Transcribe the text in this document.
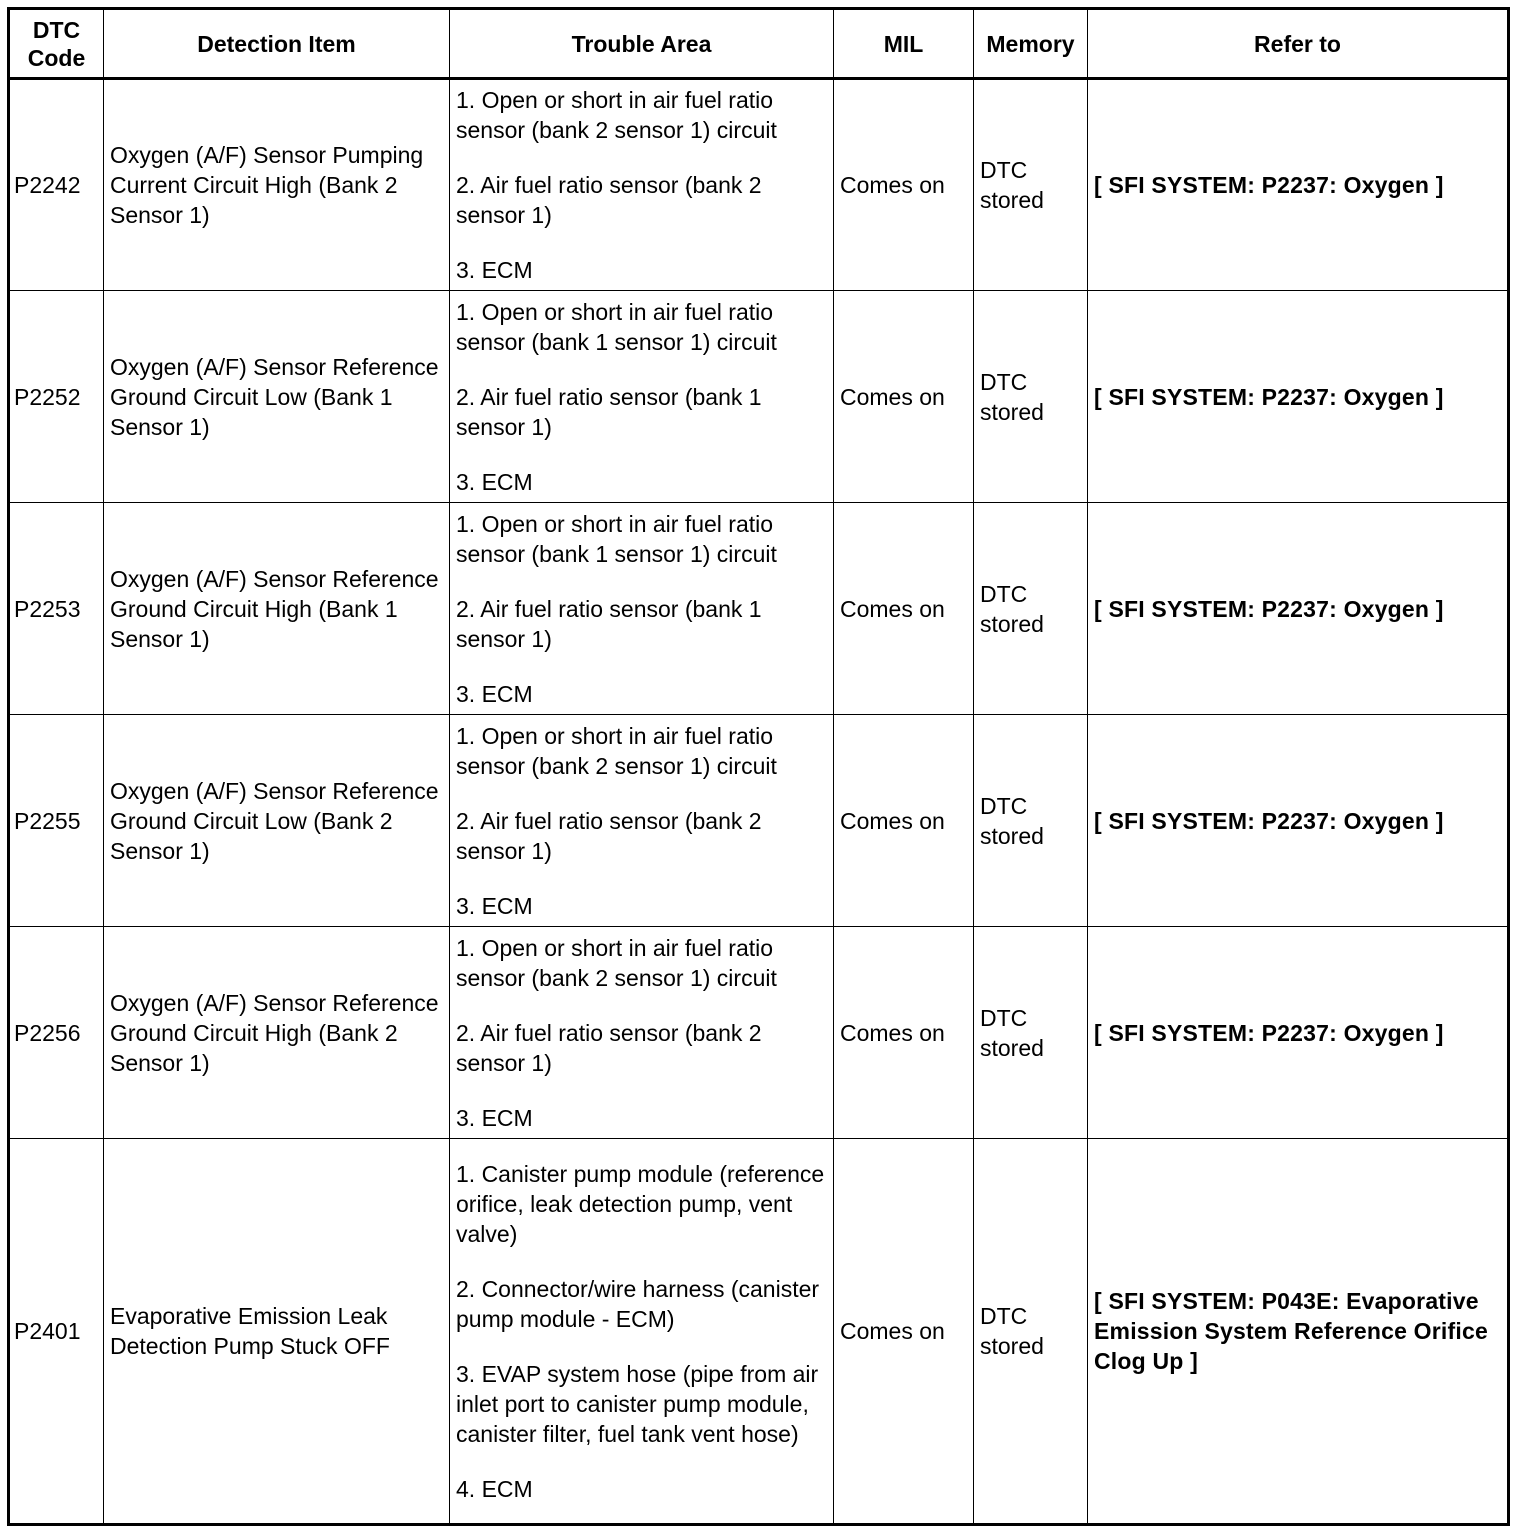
DTC
Code	Detection Item	Trouble Area	MIL	Memory	Refer to
P2242	Oxygen (A/F) Sensor Pumping Current Circuit High (Bank 2 Sensor 1)	1. Open or short in air fuel ratio sensor (bank 2 sensor 1) circuit
2. Air fuel ratio sensor (bank 2 sensor 1)
3. ECM	Comes on	DTC stored	[ SFI SYSTEM: P2237: Oxygen ]
P2252	Oxygen (A/F) Sensor Reference Ground Circuit Low (Bank 1 Sensor 1)	1. Open or short in air fuel ratio sensor (bank 1 sensor 1) circuit
2. Air fuel ratio sensor (bank 1 sensor 1)
3. ECM	Comes on	DTC stored	[ SFI SYSTEM: P2237: Oxygen ]
P2253	Oxygen (A/F) Sensor Reference Ground Circuit High (Bank 1 Sensor 1)	1. Open or short in air fuel ratio sensor (bank 1 sensor 1) circuit
2. Air fuel ratio sensor (bank 1 sensor 1)
3. ECM	Comes on	DTC stored	[ SFI SYSTEM: P2237: Oxygen ]
P2255	Oxygen (A/F) Sensor Reference Ground Circuit Low (Bank 2 Sensor 1)	1. Open or short in air fuel ratio sensor (bank 2 sensor 1) circuit
2. Air fuel ratio sensor (bank 2 sensor 1)
3. ECM	Comes on	DTC stored	[ SFI SYSTEM: P2237: Oxygen ]
P2256	Oxygen (A/F) Sensor Reference Ground Circuit High (Bank 2 Sensor 1)	1. Open or short in air fuel ratio sensor (bank 2 sensor 1) circuit
2. Air fuel ratio sensor (bank 2 sensor 1)
3. ECM	Comes on	DTC stored	[ SFI SYSTEM: P2237: Oxygen ]
P2401	Evaporative Emission Leak Detection Pump Stuck OFF	1. Canister pump module (reference orifice, leak detection pump, vent valve)
2. Connector/wire harness (canister pump module - ECM)
3. EVAP system hose (pipe from air inlet port to canister pump module, canister filter, fuel tank vent hose)
4. ECM	Comes on	DTC stored	[ SFI SYSTEM: P043E: Evaporative Emission System Reference Orifice Clog Up ]
